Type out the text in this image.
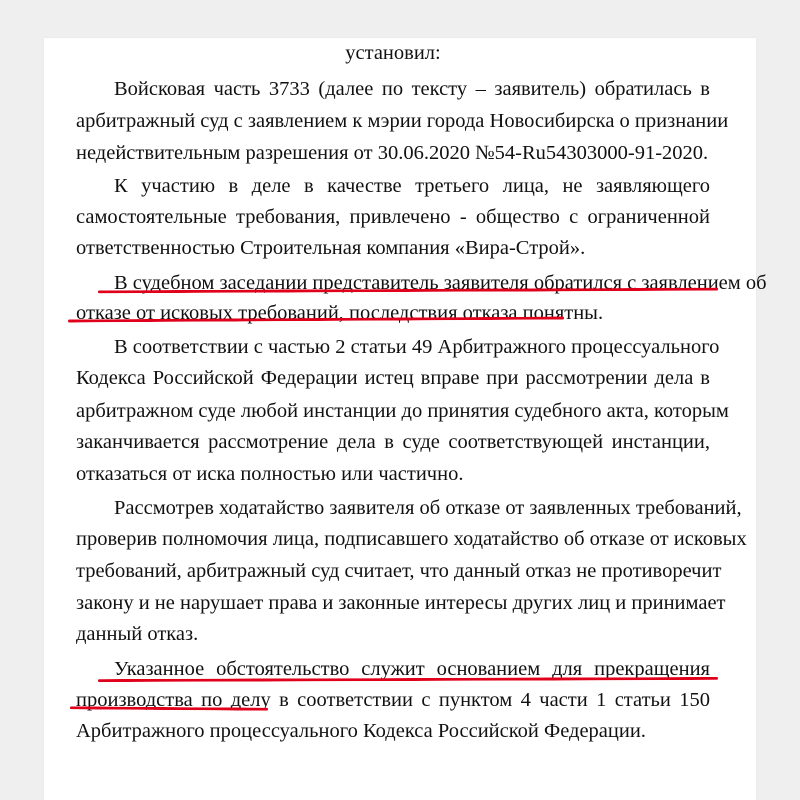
установил:
Войсковая часть 3733 (далее по тексту – заявитель) обратилась в
арбитражный суд с заявлением к мэрии города Новосибирска о признании
недействительным разрешения от 30.06.2020 №54-Ru54303000-91-2020.
К участию в деле в качестве третьего лица, не заявляющего
самостоятельные требования, привлечено - общество с ограниченной
ответственностью Строительная компания «Вира-Строй».
В судебном заседании представитель заявителя обратился с заявлением об
отказе от исковых требований, последствия отказа понятны.
В соответствии с частью 2 статьи 49 Арбитражного процессуального
Кодекса Российской Федерации истец вправе при рассмотрении дела в
арбитражном суде любой инстанции до принятия судебного акта, которым
заканчивается рассмотрение дела в суде соответствующей инстанции,
отказаться от иска полностью или частично.
Рассмотрев ходатайство заявителя об отказе от заявленных требований,
проверив полномочия лица, подписавшего ходатайство об отказе от исковых
требований, арбитражный суд считает, что данный отказ не противоречит
закону и не нарушает права и законные интересы других лиц и принимает
данный отказ.
Указанное обстоятельство служит основанием для прекращения
производства по делу в соответствии с пунктом 4 части 1 статьи 150
Арбитражного процессуального Кодекса Российской Федерации.
